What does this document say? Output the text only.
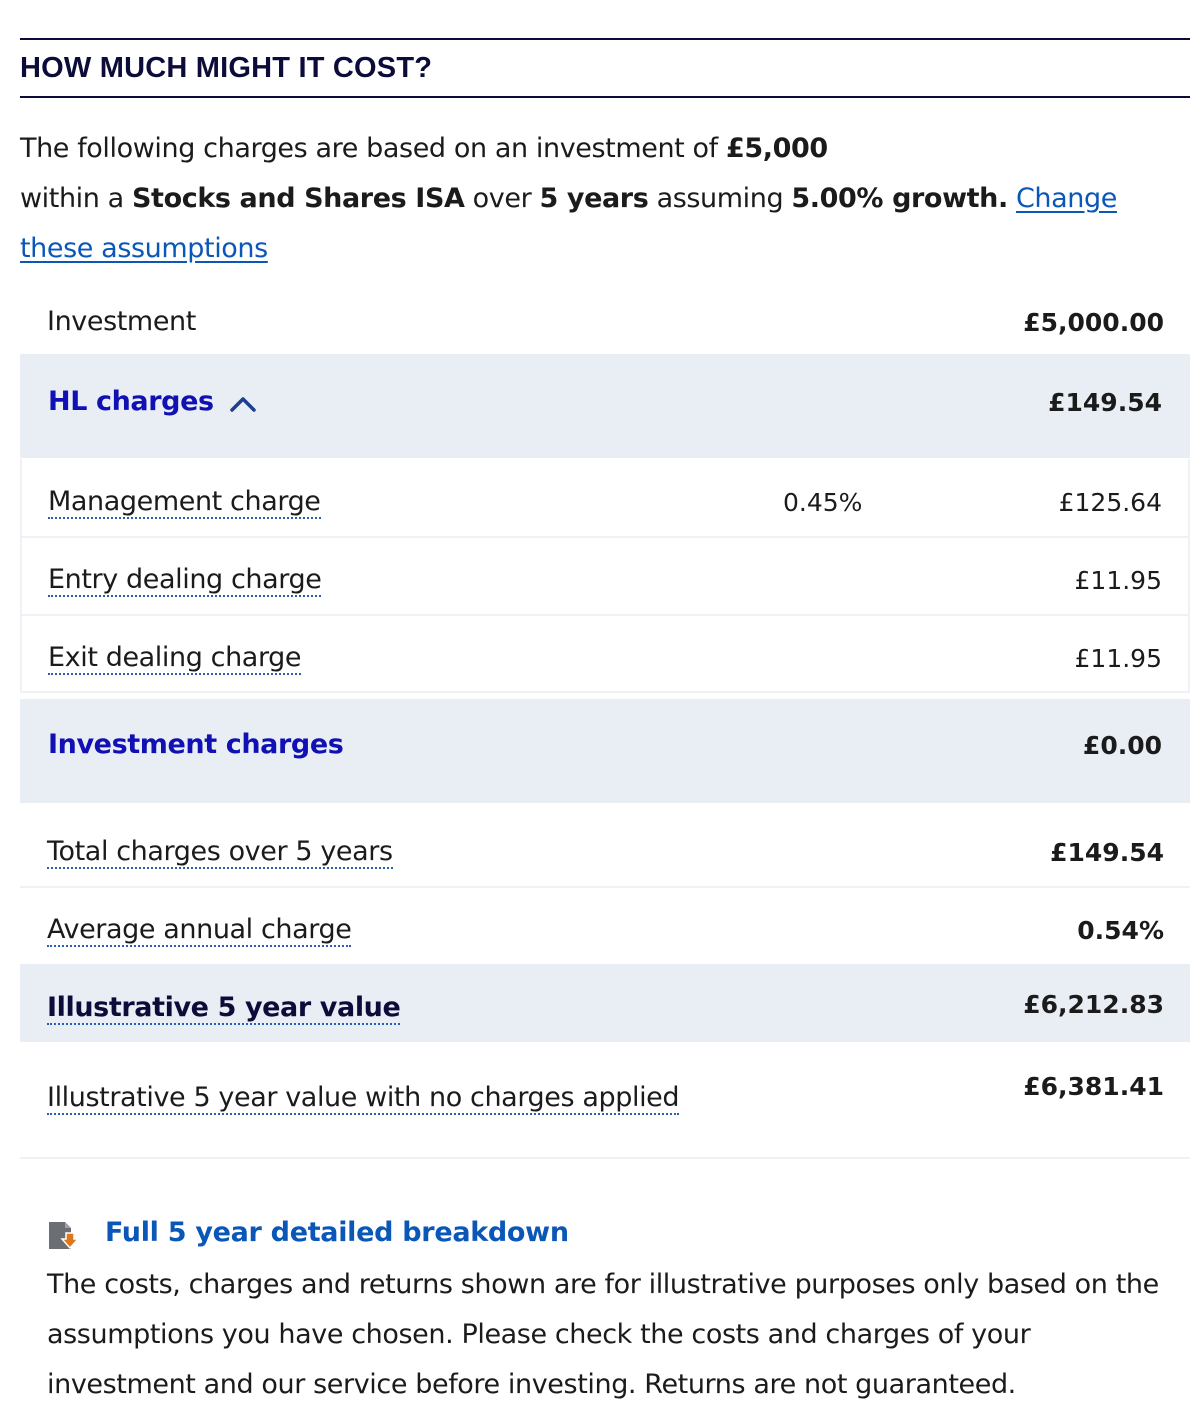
HOW MUCH MIGHT IT COST?
The following charges are based on an investment of £5,000
within a Stocks and Shares ISA over 5 years assuming 5.00% growth. Change these assumptions
Investment	£5,000.00
HL charges	£149.54
Management charge	0.45%	£125.64
Entry dealing charge	£11.95
Exit dealing charge	£11.95
Investment charges	£0.00
Total charges over 5 years	£149.54
Average annual charge	0.54%
Illustrative 5 year value	£6,212.83
Illustrative 5 year value with no charges applied	£6,381.41
Full 5 year detailed breakdown
The costs, charges and returns shown are for illustrative purposes only based on the assumptions you have chosen. Please check the costs and charges of your investment and our service before investing. Returns are not guaranteed.
